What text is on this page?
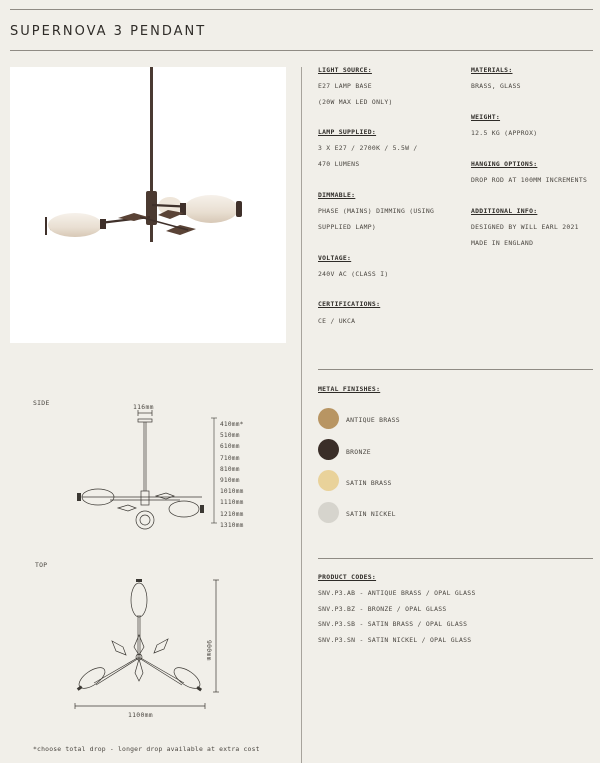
SUPERNOVA 3 PENDANT
LIGHT SOURCE:
E27 LAMP BASE
(20W MAX LED ONLY)
LAMP SUPPLIED:
3 X E27 / 2700K / 5.5W /
470 LUMENS
DIMMABLE:
PHASE (MAINS) DIMMING (USING
SUPPLIED LAMP)
VOLTAGE:
240V AC (CLASS I)
CERTIFICATIONS:
CE / UKCA
MATERIALS:
BRASS, GLASS
WEIGHT:
12.5 KG (APPROX)
HANGING OPTIONS:
DROP ROD AT 100MM INCREMENTS
ADDITIONAL INFO:
DESIGNED BY WILL EARL 2021
MADE IN ENGLAND
METAL FINISHES:
ANTIQUE BRASS
BRONZE
SATIN BRASS
SATIN NICKEL
PRODUCT CODES:
SNV.P3.AB - ANTIQUE BRASS / OPAL GLASS
SNV.P3.BZ - BRONZE / OPAL GLASS
SNV.P3.SB - SATIN BRASS / OPAL GLASS
SNV.P3.SN - SATIN NICKEL / OPAL GLASS
SIDE	116mm
410mm*
510mm
610mm
710mm
810mm
910mm
1010mm
1110mm
1210mm
1310mm
TOP
900mm
1100mm
*choose total drop - longer drop available at extra cost
